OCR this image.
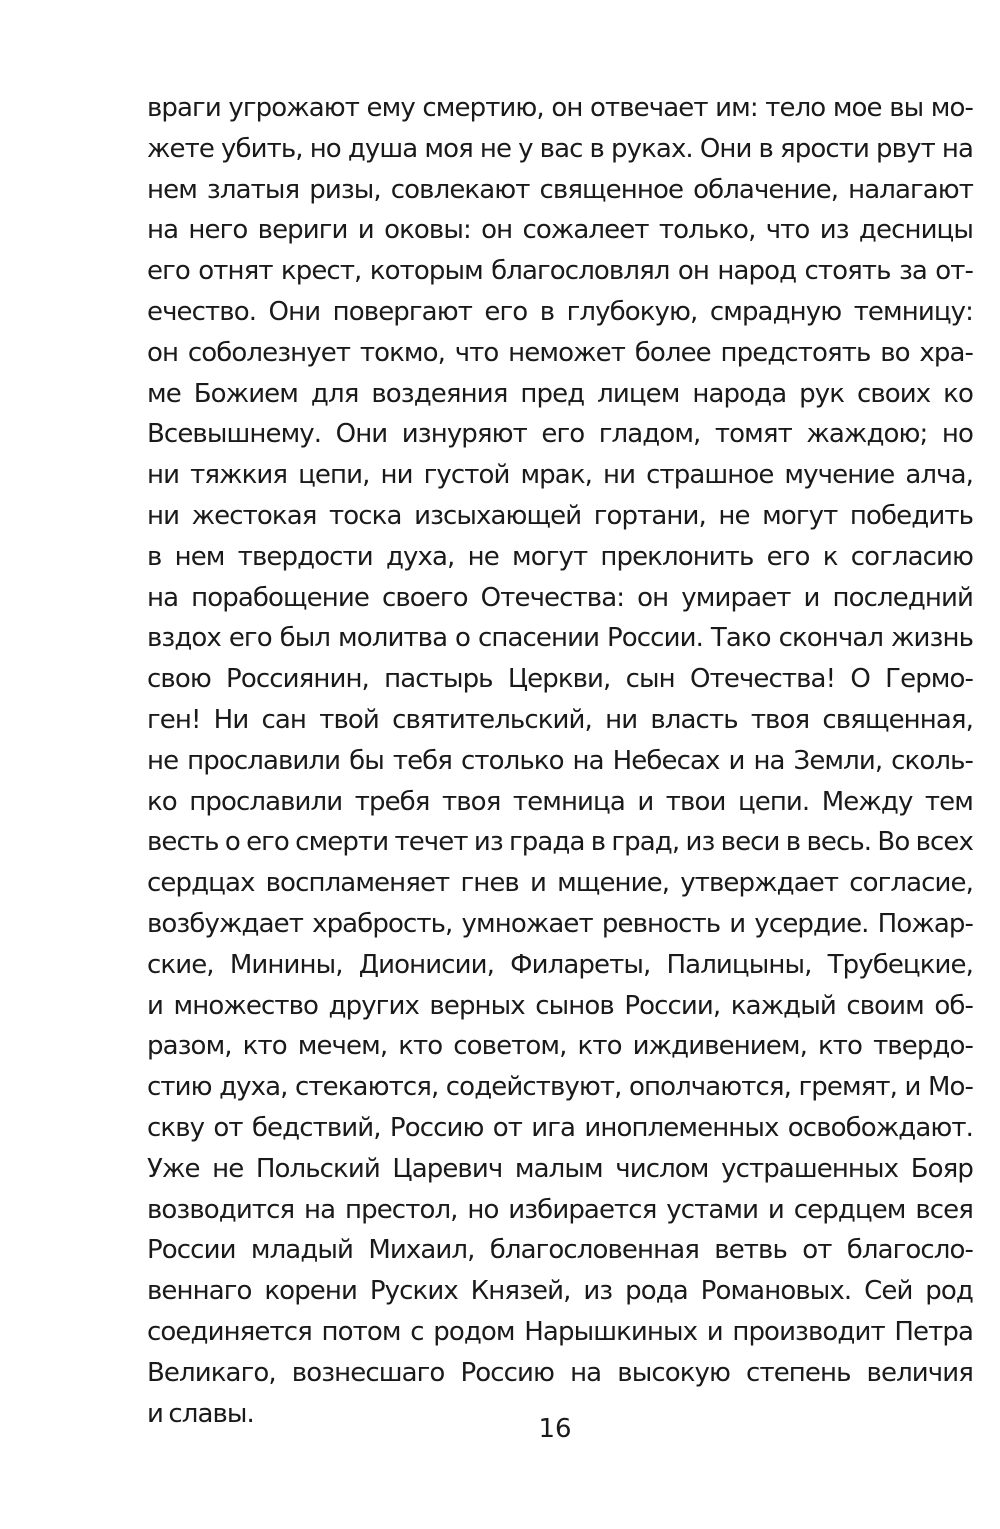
враги угрожают ему смертию, он отвечает им: тело мое вы мо-
жете убить, но душа моя не у вас в руках. Они в ярости рвут на
нем златыя ризы, совлекают священное облачение, налагают
на него вериги и оковы: он сожалеет только, что из десницы
его отнят крест, которым благословлял он народ стоять за от-
ечество. Они повергают его в глубокую, смрадную темницу:
он соболезнует токмо, что неможет более предстоять во хра-
ме Божием для воздеяния пред лицем народа рук своих ко
Всевышнему. Они изнуряют его гладом, томят жаждою; но
ни тяжкия цепи, ни густой мрак, ни страшное мучение алча,
ни жестокая тоска изсыхающей гортани, не могут победить
в нем твердости духа, не могут преклонить его к согласию
на порабощение своего Отечества: он умирает и последний
вздох его был молитва о спасении России. Тако скончал жизнь
свою Россиянин, пастырь Церкви, сын Отечества! О Гермо-
ген! Ни сан твой святительский, ни власть твоя священная,
не прославили бы тебя столько на Небесах и на Земли, сколь-
ко прославили требя твоя темница и твои цепи. Между тем
весть о его смерти течет из града в град, из веси в весь. Во всех
сердцах воспламеняет гнев и мщение, утверждает согласие,
возбуждает храбрость, умножает ревность и усердие. Пожар-
ские, Минины, Дионисии, Филареты, Палицыны, Трубецкие,
и множество других верных сынов России, каждый своим об-
разом, кто мечем, кто советом, кто иждивением, кто твердо-
стию духа, стекаются, содействуют, ополчаются, гремят, и Мо-
скву от бедствий, Россию от ига иноплеменных освобождают.
Уже не Польский Царевич малым числом устрашенных Бояр
возводится на престол, но избирается устами и сердцем всея
России младый Михаил, благословенная ветвь от благосло-
веннаго корени Руских Князей, из рода Романовых. Сей род
соединяется потом с родом Нарышкиных и производит Петра
Великаго, вознесшаго Россию на высокую степень величия
и славы.
16
